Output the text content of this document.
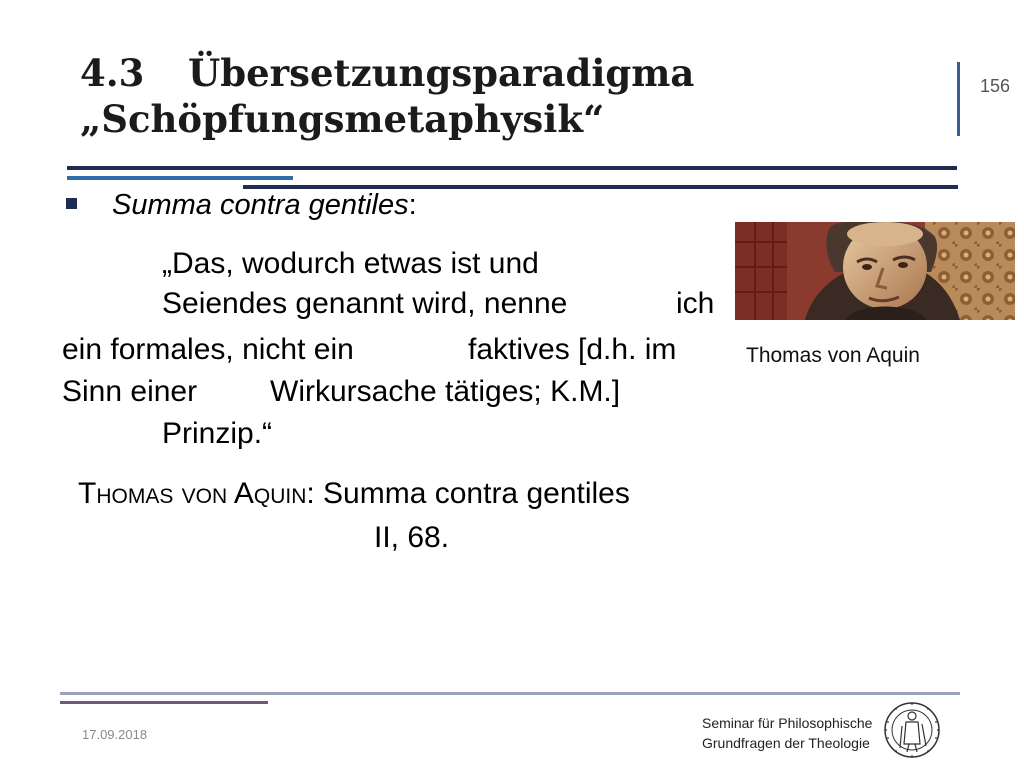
4.3 Übersetzungsparadigma
„Schöpfungsmetaphysik“
156
Summa contra gentiles:
„Das, wodurch etwas ist und
Seiendes genannt wird, nenne	ich
ein formales, nicht ein	faktives [d.h. im
Sinn einer Wirkursache tätiges; K.M.]
Prinzip.“
Thomas von Aquin: Summa contra gentiles
II, 68.
Thomas von Aquin
17.09.2018
Seminar für Philosophische
Grundfragen der Theologie
